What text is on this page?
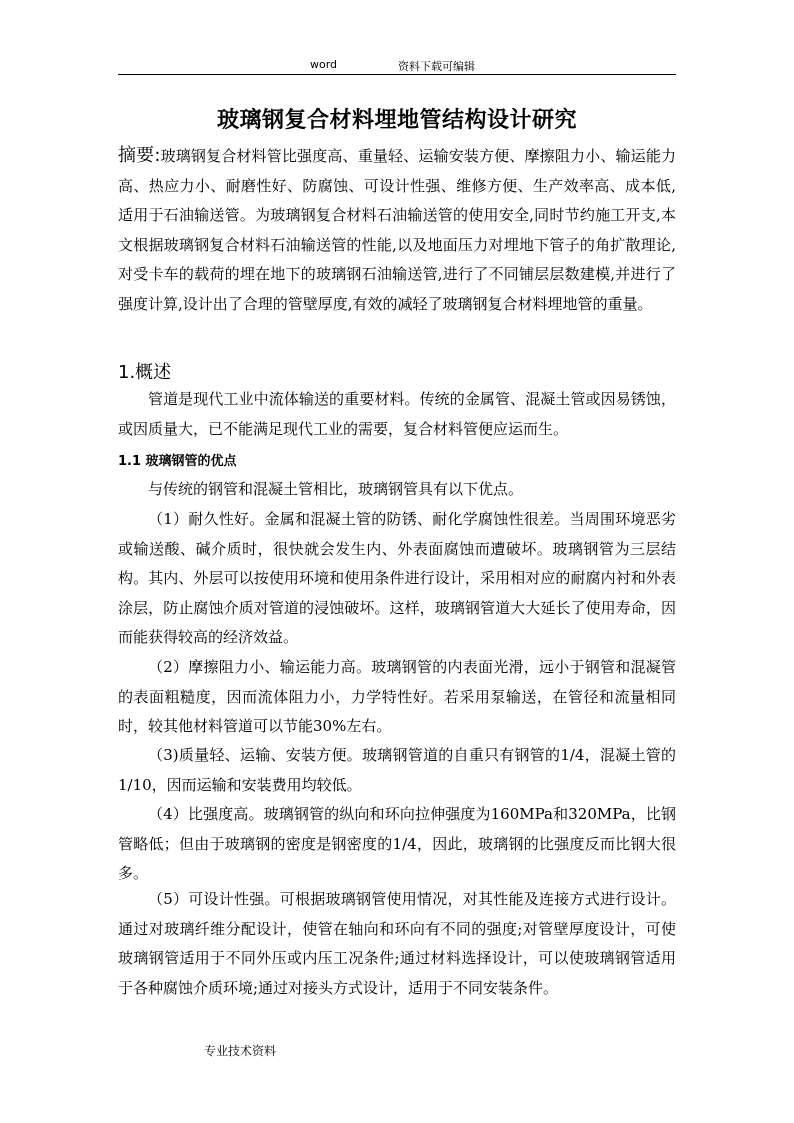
word	资料下载可编辑
玻璃钢复合材料埋地管结构设计研究

摘要:玻璃钢复合材料管比强度高、重量轻、运输安装方便、摩擦阻力小、输运能力高、热应力小、耐磨性好、防腐蚀、可设计性强、维修方便、生产效率高、成本低,适用于石油输送管。为玻璃钢复合材料石油输送管的使用安全,同时节约施工开支,本文根据玻璃钢复合材料石油输送管的性能,以及地面压力对埋地下管子的角扩散理论,对受卡车的载荷的埋在地下的玻璃钢石油输送管,进行了不同铺层层数建模,并进行了强度计算,设计出了合理的管壁厚度,有效的减轻了玻璃钢复合材料埋地管的重量。

1.概述

管道是现代工业中流体输送的重要材料。传统的金属管、混凝土管或因易锈蚀，或因质量大，已不能满足现代工业的需要，复合材料管便应运而生。

1.1 玻璃钢管的优点

与传统的钢管和混凝土管相比，玻璃钢管具有以下优点。

（1）耐久性好。金属和混凝土管的防锈、耐化学腐蚀性很差。当周围环境恶劣或输送酸、碱介质时，很快就会发生内、外表面腐蚀而遭破坏。玻璃钢管为三层结构。其内、外层可以按使用环境和使用条件进行设计，采用相对应的耐腐内衬和外表涂层，防止腐蚀介质对管道的浸蚀破坏。这样，玻璃钢管道大大延长了使用寿命，因而能获得较高的经济效益。

（2）摩擦阻力小、输运能力高。玻璃钢管的内表面光滑，远小于钢管和混凝管的表面粗糙度，因而流体阻力小，力学特性好。若采用泵输送，在管径和流量相同时，较其他材料管道可以节能30%左右。

（3)质量轻、运输、安装方便。玻璃钢管道的自重只有钢管的1/4，混凝土管的1/10，因而运输和安装费用均较低。

（4）比强度高。玻璃钢管的纵向和环向拉伸强度为160MPa和320MPa，比钢管略低；但由于玻璃钢的密度是钢密度的1/4，因此，玻璃钢的比强度反而比钢大很多。

（5）可设计性强。可根据玻璃钢管使用情况，对其性能及连接方式进行设计。通过对玻璃纤维分配设计，使管在轴向和环向有不同的强度;对管壁厚度设计，可使玻璃钢管适用于不同外压或内压工况条件;通过材料选择设计，可以使玻璃钢管适用于各种腐蚀介质环境;通过对接头方式设计，适用于不同安装条件。

专业技术资料
